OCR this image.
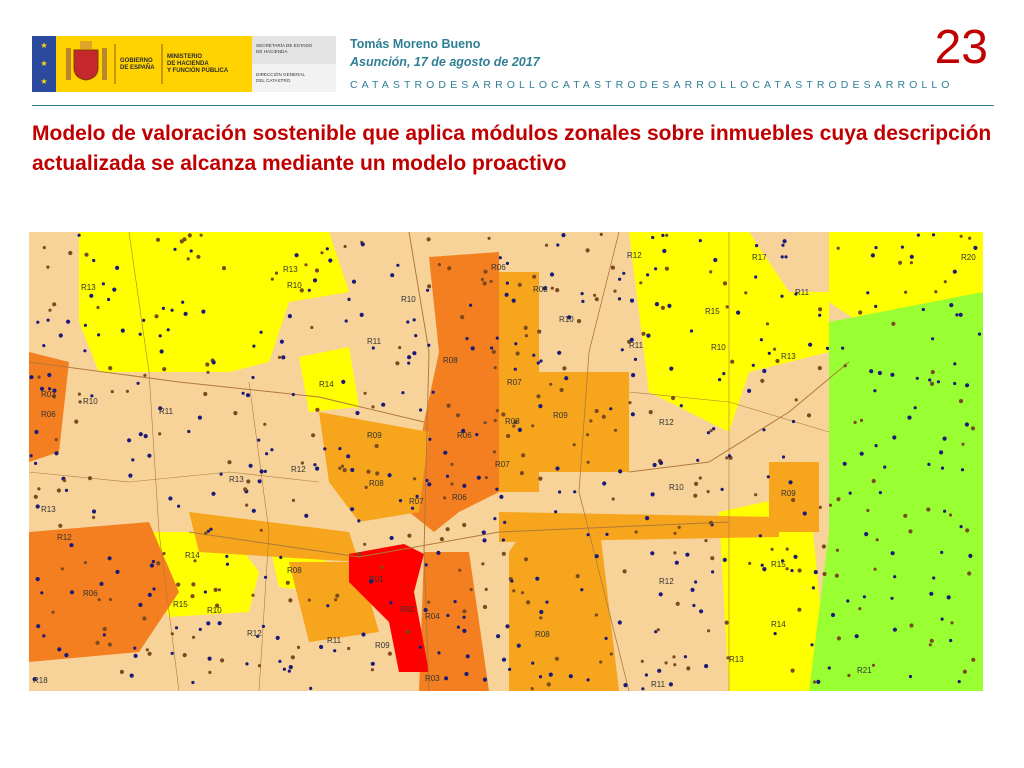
★
★
★
GOBIERNO
DE ESPAÑA
MINISTERIO
DE HACIENDA
Y FUNCIÓN PÚBLICA
SECRETARÍA DE ESTADO
DE HACIENDA
DIRECCIÓN GENERAL
DEL CATASTRO
Tomás Moreno Bueno
Asunción, 17 de agosto de 2017
CATASTRODESARROLLOCATASTRODESARROLLOCATASTRODESARROLLO
23
Modelo de valoración sostenible que aplica módulos zonales sobre inmuebles cuya descripción actualizada se alcanza mediante un modelo proactivo
R13
R13
R10
R10
R11
R14
R06
R08
R10
R08
R07
R06
R08
R09
R07
R12	R17
R11
R20
R15
R11	R10
R13
R12
R09
R10
R03
R06
R10
R11
R09
R12
R13	R08
R07	R06
R13
R12
R14
R08
R06
R15
R10
R01
R02
R04
R08
R12
R15
R14
R12
R11
R09
R03
R11
R21
R13
R18
